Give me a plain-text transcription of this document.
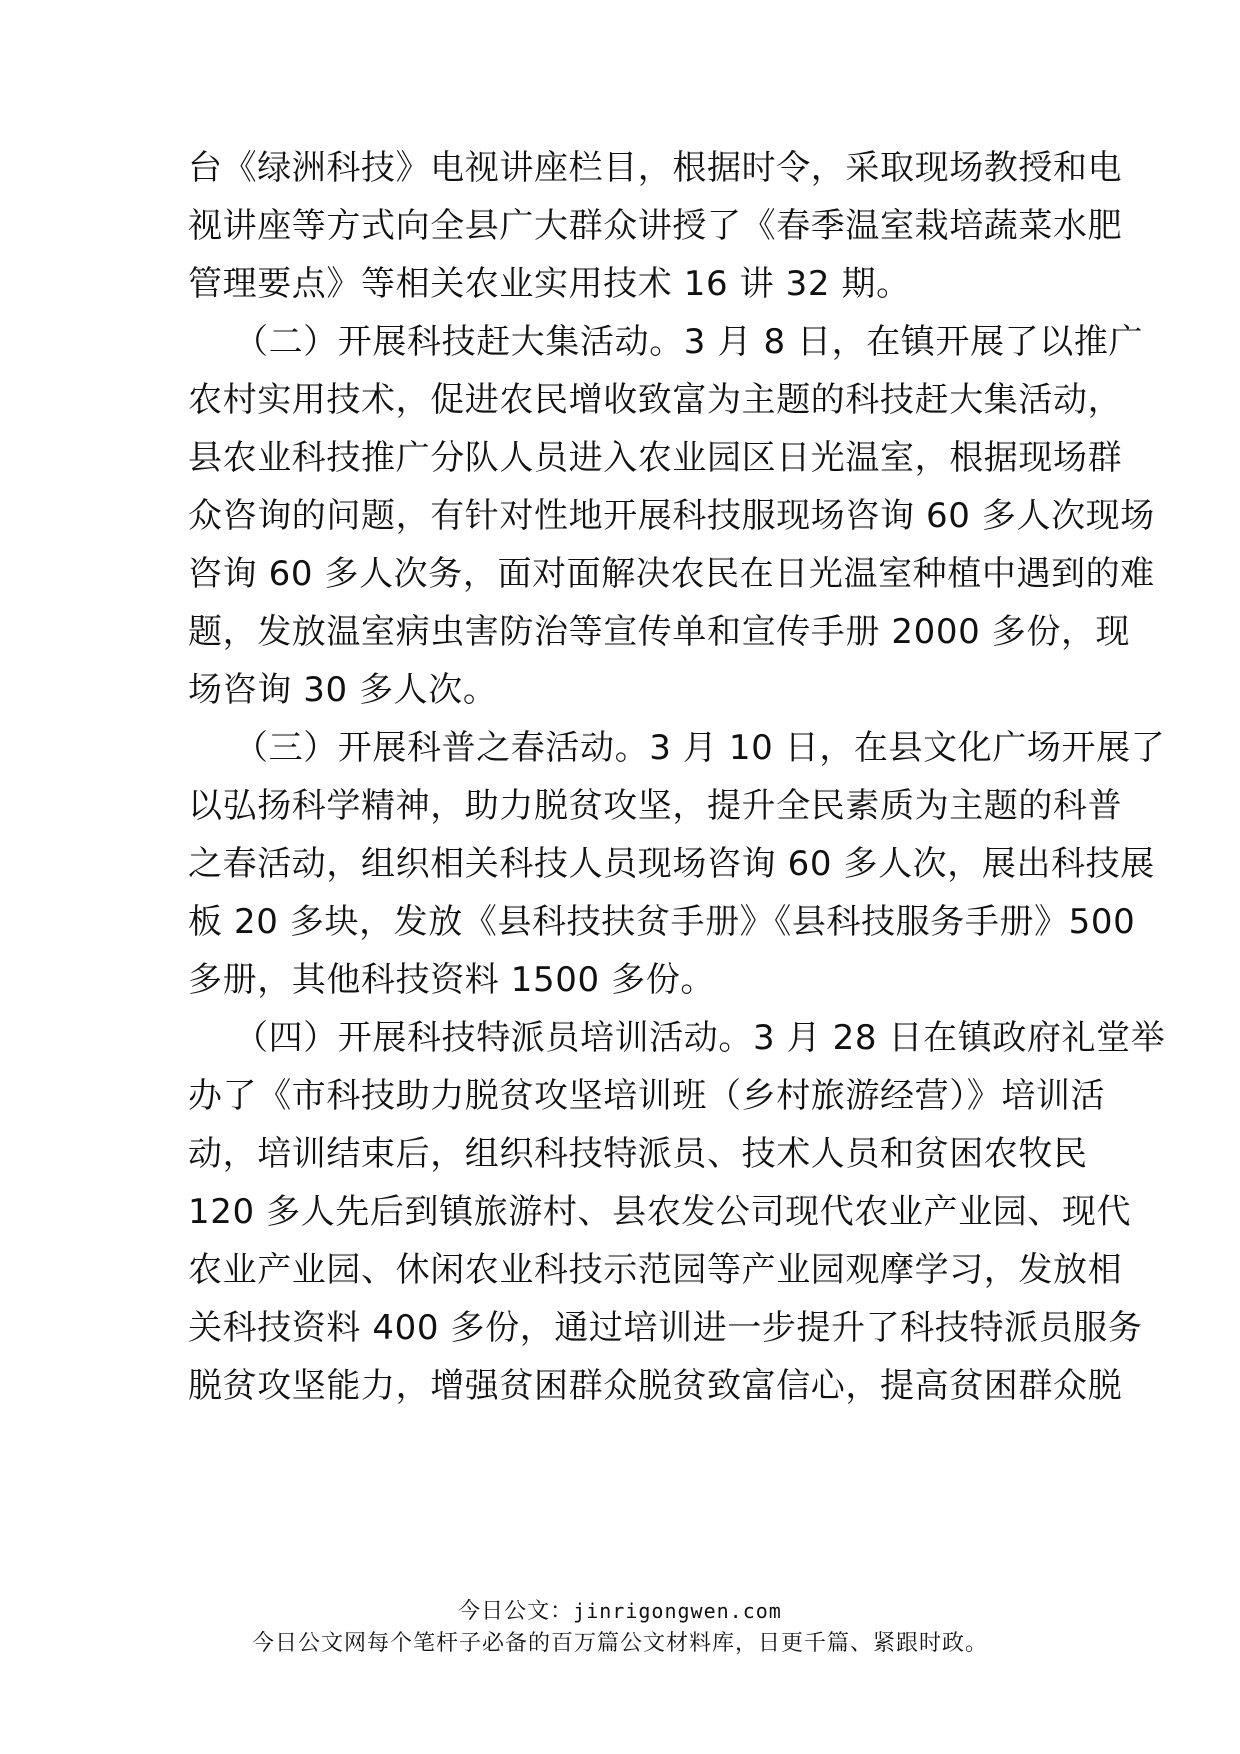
台《绿洲科技》电视讲座栏目，根据时令，采取现场教授和电
视讲座等方式向全县广大群众讲授了《春季温室栽培蔬菜水肥
管理要点》等相关农业实用技术 16 讲 32 期。
（二）开展科技赶大集活动。3 月 8 日，在镇开展了以推广
农村实用技术，促进农民增收致富为主题的科技赶大集活动，
县农业科技推广分队人员进入农业园区日光温室，根据现场群
众咨询的问题，有针对性地开展科技服现场咨询 60 多人次现场
咨询 60 多人次务，面对面解决农民在日光温室种植中遇到的难
题，发放温室病虫害防治等宣传单和宣传手册 2000 多份，现
场咨询 30 多人次。
（三）开展科普之春活动。3 月 10 日，在县文化广场开展了
以弘扬科学精神，助力脱贫攻坚，提升全民素质为主题的科普
之春活动，组织相关科技人员现场咨询 60 多人次，展出科技展
板 20 多块，发放《县科技扶贫手册》《县科技服务手册》500
多册，其他科技资料 1500 多份。
（四）开展科技特派员培训活动。3 月 28 日在镇政府礼堂举
办了《市科技助力脱贫攻坚培训班（乡村旅游经营）》培训活
动，培训结束后，组织科技特派员、技术人员和贫困农牧民
120 多人先后到镇旅游村、县农发公司现代农业产业园、现代
农业产业园、休闲农业科技示范园等产业园观摩学习，发放相
关科技资料 400 多份，通过培训进一步提升了科技特派员服务
脱贫攻坚能力，增强贫困群众脱贫致富信心，提高贫困群众脱
今日公文：jinrigongwen.com
今日公文网每个笔杆子必备的百万篇公文材料库，日更千篇、紧跟时政。
